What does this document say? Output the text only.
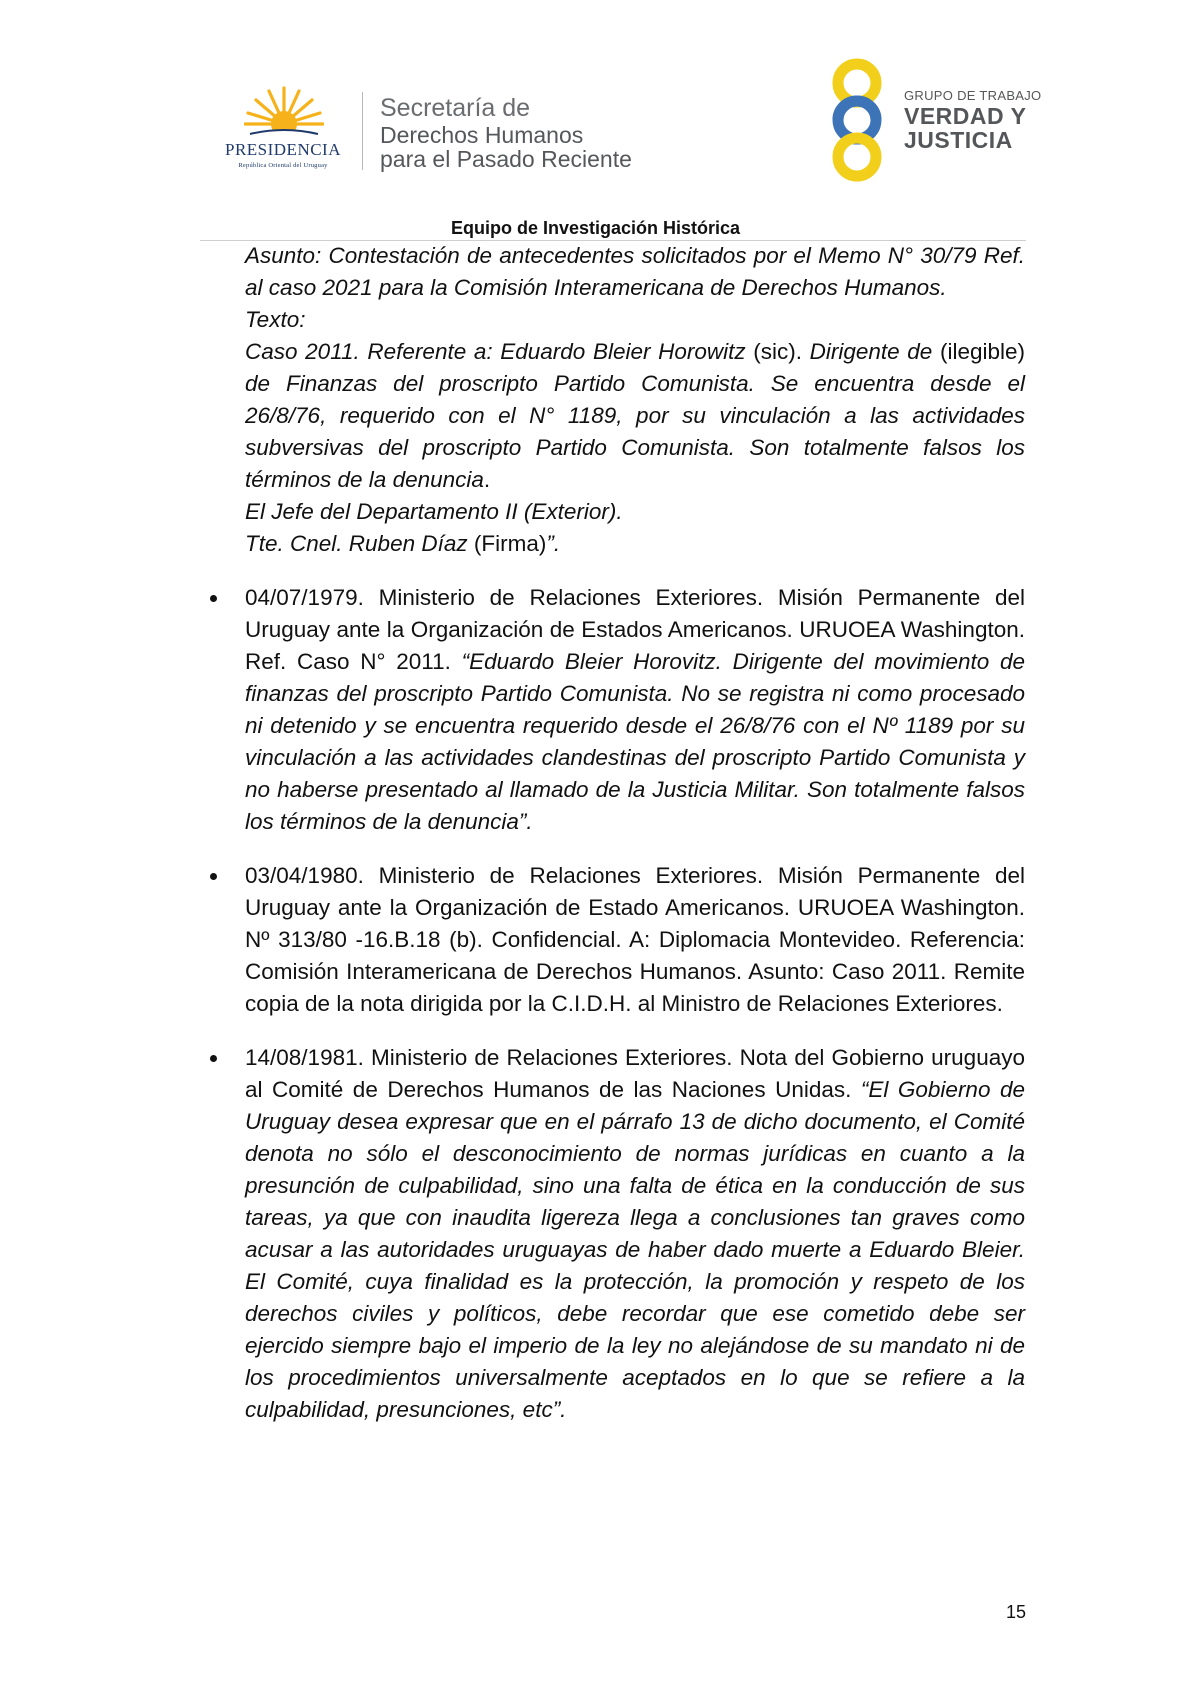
PRESIDENCIA
República Oriental del Uruguay
Secretaría de
Derechos Humanos
para el Pasado Reciente
GRUPO DE TRABAJO
VERDAD Y
JUSTICIA
Equipo de Investigación Histórica

Asunto: Contestación de antecedentes solicitados por el Memo N° 30/79 Ref. al caso 2021 para la Comisión Interamericana de Derechos Humanos.

Texto:

Caso 2011. Referente a: Eduardo Bleier Horowitz (sic). Dirigente de (ilegible) de Finanzas del proscripto Partido Comunista. Se encuentra desde el 26/8/76, requerido con el N° 1189, por su vinculación a las actividades subversivas del proscripto Partido Comunista. Son totalmente falsos los términos de la denuncia.

El Jefe del Departamento II (Exterior).

Tte. Cnel. Ruben Díaz (Firma)”.

04/07/1979. Ministerio de Relaciones Exteriores. Misión Permanente del Uruguay ante la Organización de Estados Americanos. URUOEA Washington. Ref. Caso N° 2011. “Eduardo Bleier Horovitz. Dirigente del movimiento de finanzas del proscripto Partido Comunista. No se registra ni como procesado ni detenido y se encuentra requerido desde el 26/8/76 con el Nº 1189 por su vinculación a las actividades clandestinas del proscripto Partido Comunista y no haberse presentado al llamado de la Justicia Militar. Son totalmente falsos los términos de la denuncia”.

03/04/1980. Ministerio de Relaciones Exteriores. Misión Permanente del Uruguay ante la Organización de Estado Americanos. URUOEA Washington. Nº 313/80 -16.B.18 (b). Confidencial. A: Diplomacia Montevideo. Referencia: Comisión Interamericana de Derechos Humanos. Asunto: Caso 2011. Remite copia de la nota dirigida por la C.I.D.H. al Ministro de Relaciones Exteriores.

14/08/1981. Ministerio de Relaciones Exteriores. Nota del Gobierno uruguayo al Comité de Derechos Humanos de las Naciones Unidas. “El Gobierno de Uruguay desea expresar que en el párrafo 13 de dicho documento, el Comité denota no sólo el desconocimiento de normas jurídicas en cuanto a la presunción de culpabilidad, sino una falta de ética en la conducción de sus tareas, ya que con inaudita ligereza llega a conclusiones tan graves como acusar a las autoridades uruguayas de haber dado muerte a Eduardo Bleier. El Comité, cuya finalidad es la protección, la promoción y respeto de los derechos civiles y políticos, debe recordar que ese cometido debe ser ejercido siempre bajo el imperio de la ley no alejándose de su mandato ni de los procedimientos universalmente aceptados en lo que se refiere a la culpabilidad, presunciones, etc”.

15
